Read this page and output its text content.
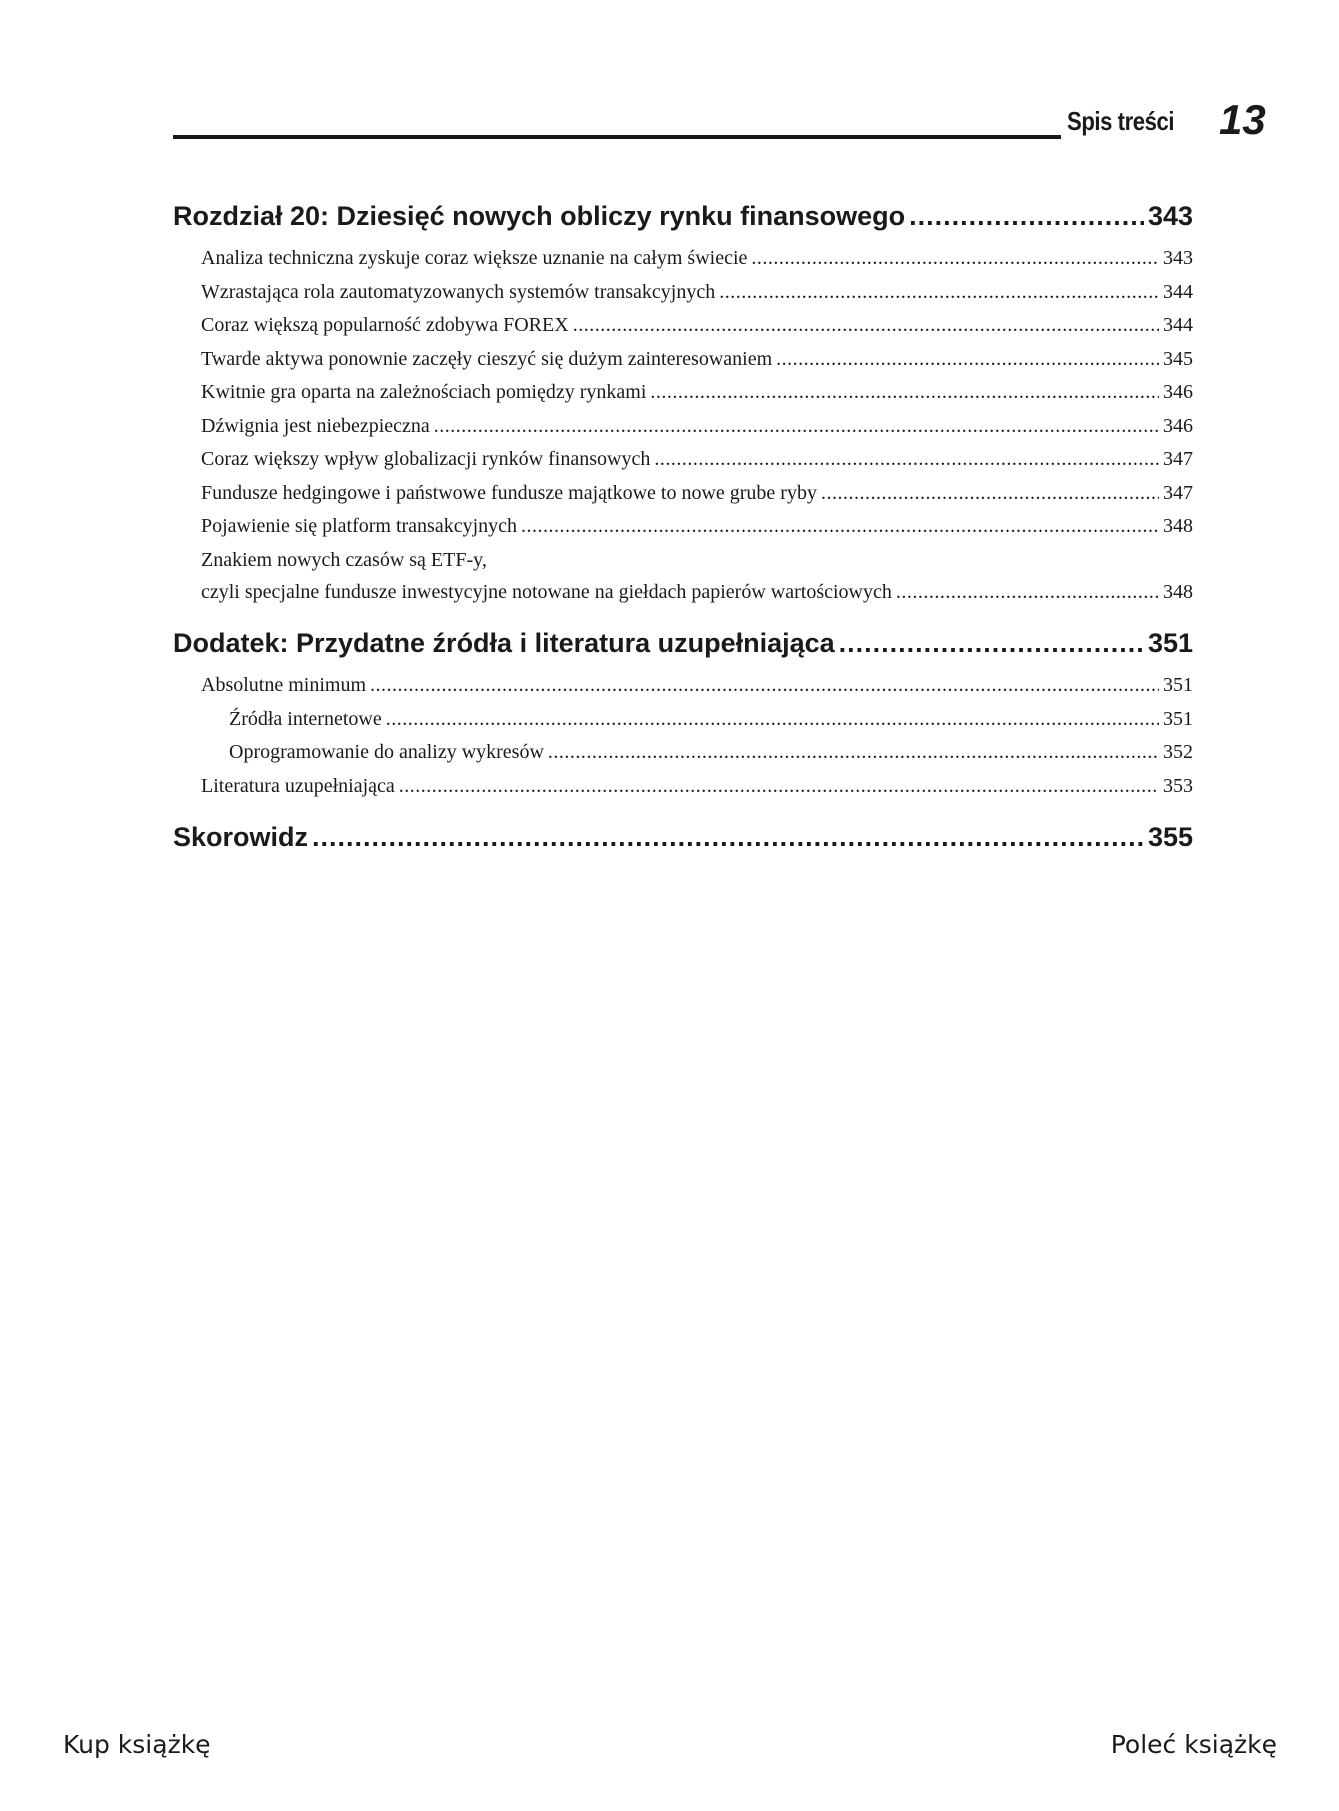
Spis treści 13
Rozdział 20: Dziesięć nowych obliczy rynku finansowego .....	343
Analiza techniczna zyskuje coraz większe uznanie na całym świecie .....	343
Wzrastająca rola zautomatyzowanych systemów transakcyjnych .....	344
Coraz większą popularność zdobywa FOREX .....	344
Twarde aktywa ponownie zaczęły cieszyć się dużym zainteresowaniem .....	345
Kwitnie gra oparta na zależnościach pomiędzy rynkami .....	346
Dźwignia jest niebezpieczna .....	346
Coraz większy wpływ globalizacji rynków finansowych .....	347
Fundusze hedgingowe i państwowe fundusze majątkowe to nowe grube ryby .....	347
Pojawienie się platform transakcyjnych .....	348
Znakiem nowych czasów są ETF-y,
czyli specjalne fundusze inwestycyjne notowane na giełdach papierów wartościowych .....	348
Dodatek: Przydatne źródła i literatura uzupełniająca .....	351
Absolutne minimum .....	351
Źródła internetowe .....	351
Oprogramowanie do analizy wykresów .....	352
Literatura uzupełniająca .....	353
Skorowidz .....	355
Kup książkę	Poleć książkę
